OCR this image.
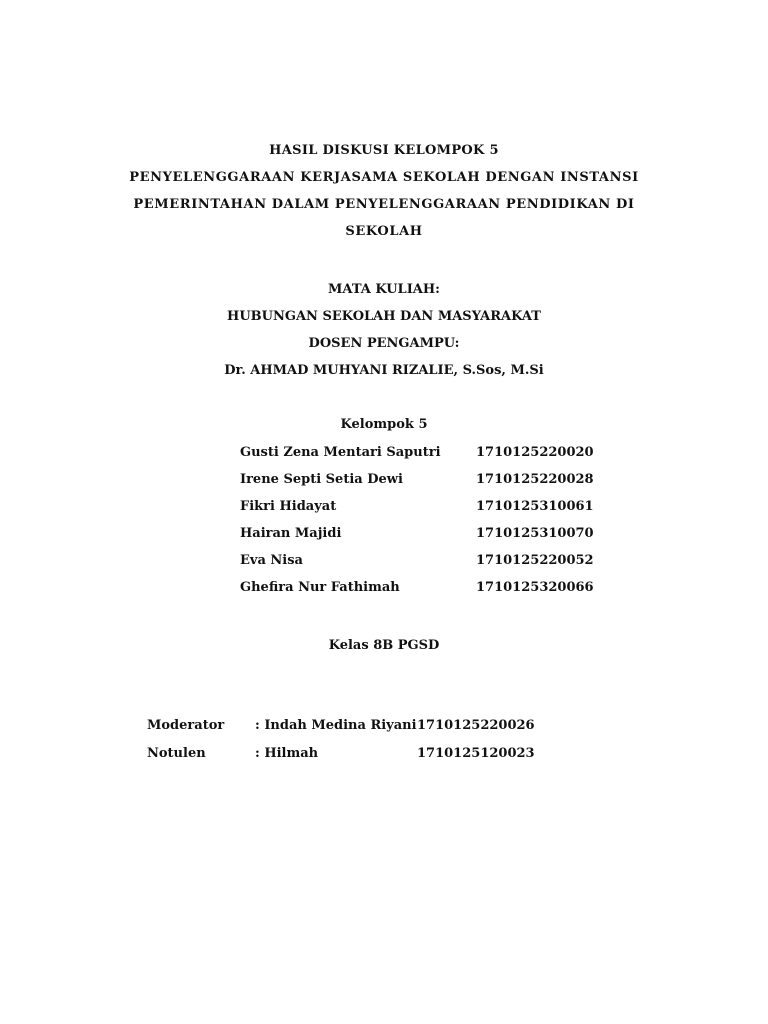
HASIL DISKUSI KELOMPOK 5
PENYELENGGARAAN KERJASAMA SEKOLAH DENGAN INSTANSI
PEMERINTAHAN DALAM PENYELENGGARAAN PENDIDIKAN DI
SEKOLAH
MATA KULIAH:
HUBUNGAN SEKOLAH DAN MASYARAKAT
DOSEN PENGAMPU:
Dr. AHMAD MUHYANI RIZALIE, S.Sos, M.Si
Kelompok 5
Gusti Zena Mentari Saputri	1710125220020
Irene Septi Setia Dewi	1710125220028
Fikri Hidayat	1710125310061
Hairan Majidi	1710125310070
Eva Nisa	1710125220052
Ghefira Nur Fathimah	1710125320066
Kelas 8B PGSD
Moderator : Indah Medina Riyani 1710125220026
Notulen	: Hilmah	1710125120023
